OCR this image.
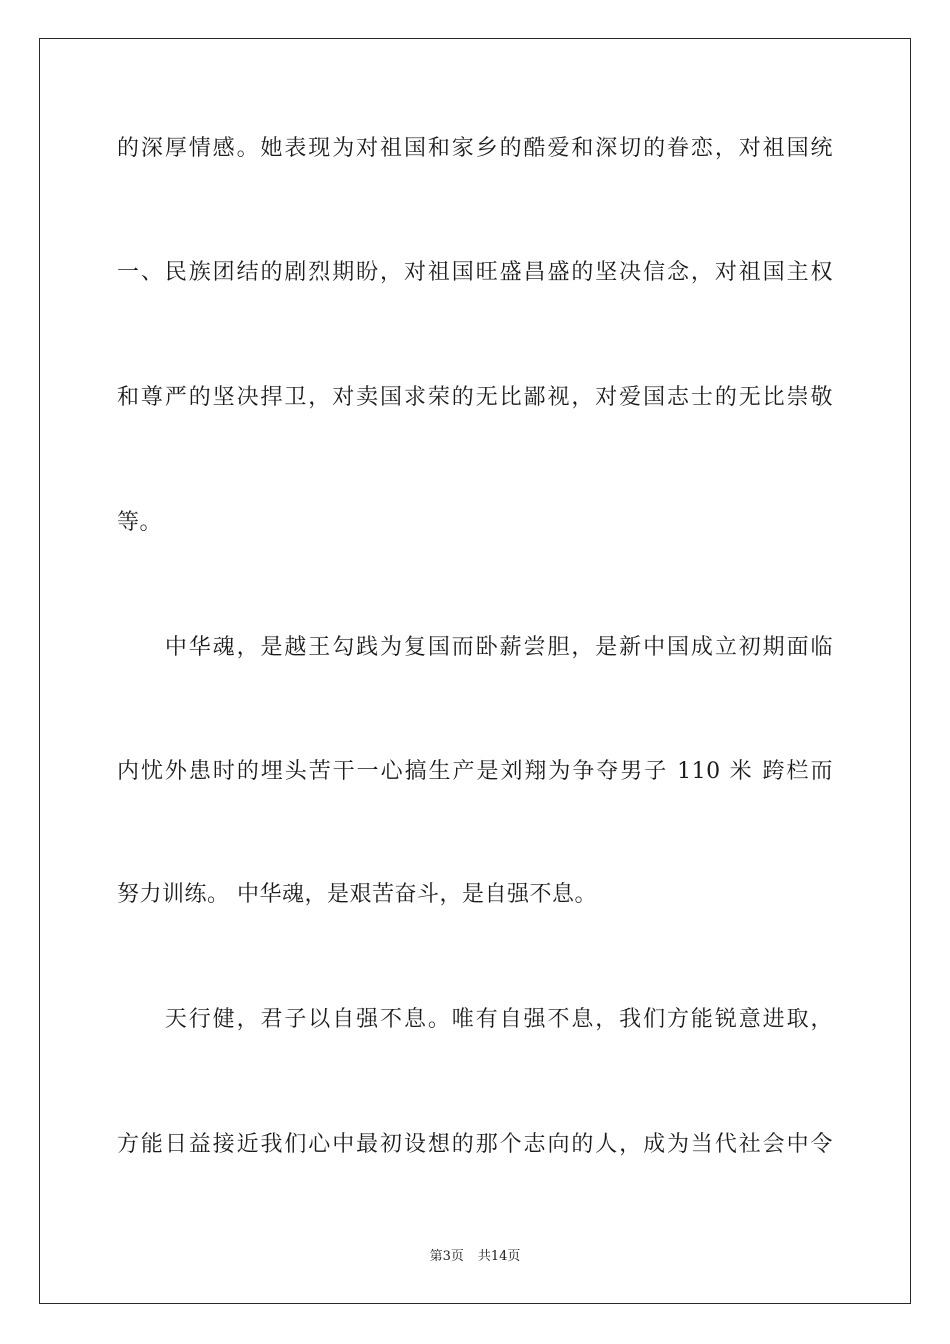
的深厚情感。她表现为对祖国和家乡的酷爱和深切的眷恋，对祖国统
一、民族团结的剧烈期盼，对祖国旺盛昌盛的坚决信念，对祖国主权
和尊严的坚决捍卫，对卖国求荣的无比鄙视，对爱国志士的无比崇敬
等。
　　中华魂，是越王勾践为复国而卧薪尝胆，是新中国成立初期面临
内忧外患时的埋头苦干一心搞生产是刘翔为争夺男子 110 米 跨栏而
努力训练。 中华魂，是艰苦奋斗，是自强不息。
　　天行健，君子以自强不息。唯有自强不息，我们方能锐意进取，
方能日益接近我们心中最初设想的那个志向的人，成为当代社会中令
第3页 共14页
